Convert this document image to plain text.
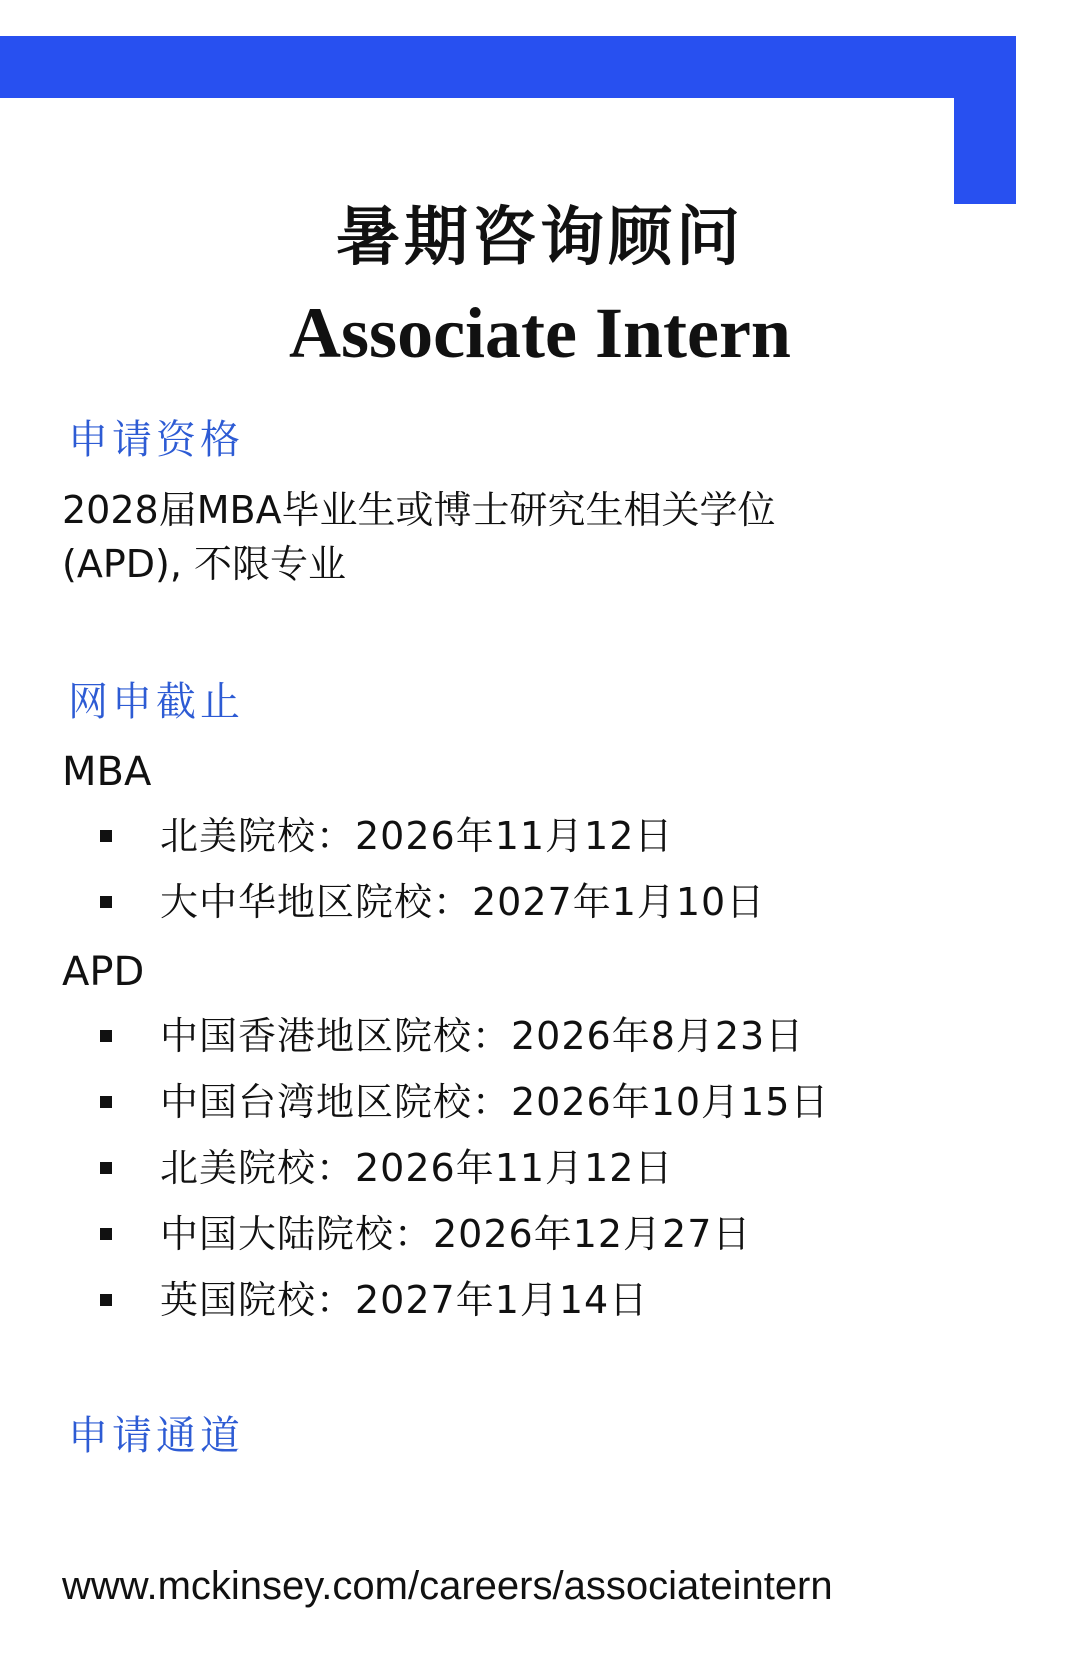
暑期咨询顾问
Associate Intern
申请资格
2028届MBA毕业生或博士研究生相关学位
(APD), 不限专业
网申截止
MBA
北美院校：2026年11月12日
大中华地区院校：2027年1月10日
APD
中国香港地区院校：2026年8月23日
中国台湾地区院校：2026年10月15日
北美院校：2026年11月12日
中国大陆院校：2026年12月27日
英国院校：2027年1月14日
申请通道
www.mckinsey.com/careers/associateintern
